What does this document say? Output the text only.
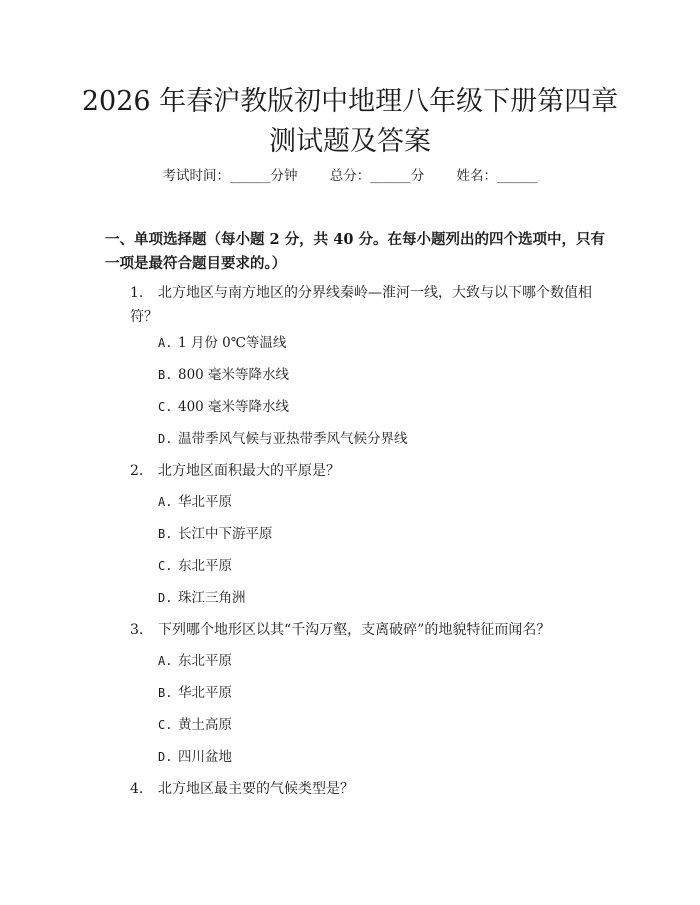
2026 年春沪教版初中地理八年级下册第四章
测试题及答案
考试时间：______分钟 总分：______分 姓名：______
一、单项选择题（每小题 2 分，共 40 分。在每小题列出的四个选项中，只有一项是最符合题目要求的。）
1.	北方地区与南方地区的分界线秦岭—淮河一线，大致与以下哪个数值相符？
A. 1 月份 0℃等温线
B. 800 毫米等降水线
C. 400 毫米等降水线
D. 温带季风气候与亚热带季风气候分界线
2.	北方地区面积最大的平原是？
A. 华北平原
B. 长江中下游平原
C. 东北平原
D. 珠江三角洲
3.	下列哪个地形区以其“千沟万壑，支离破碎”的地貌特征而闻名？
A. 东北平原
B. 华北平原
C. 黄土高原
D. 四川盆地
4.	北方地区最主要的气候类型是？
